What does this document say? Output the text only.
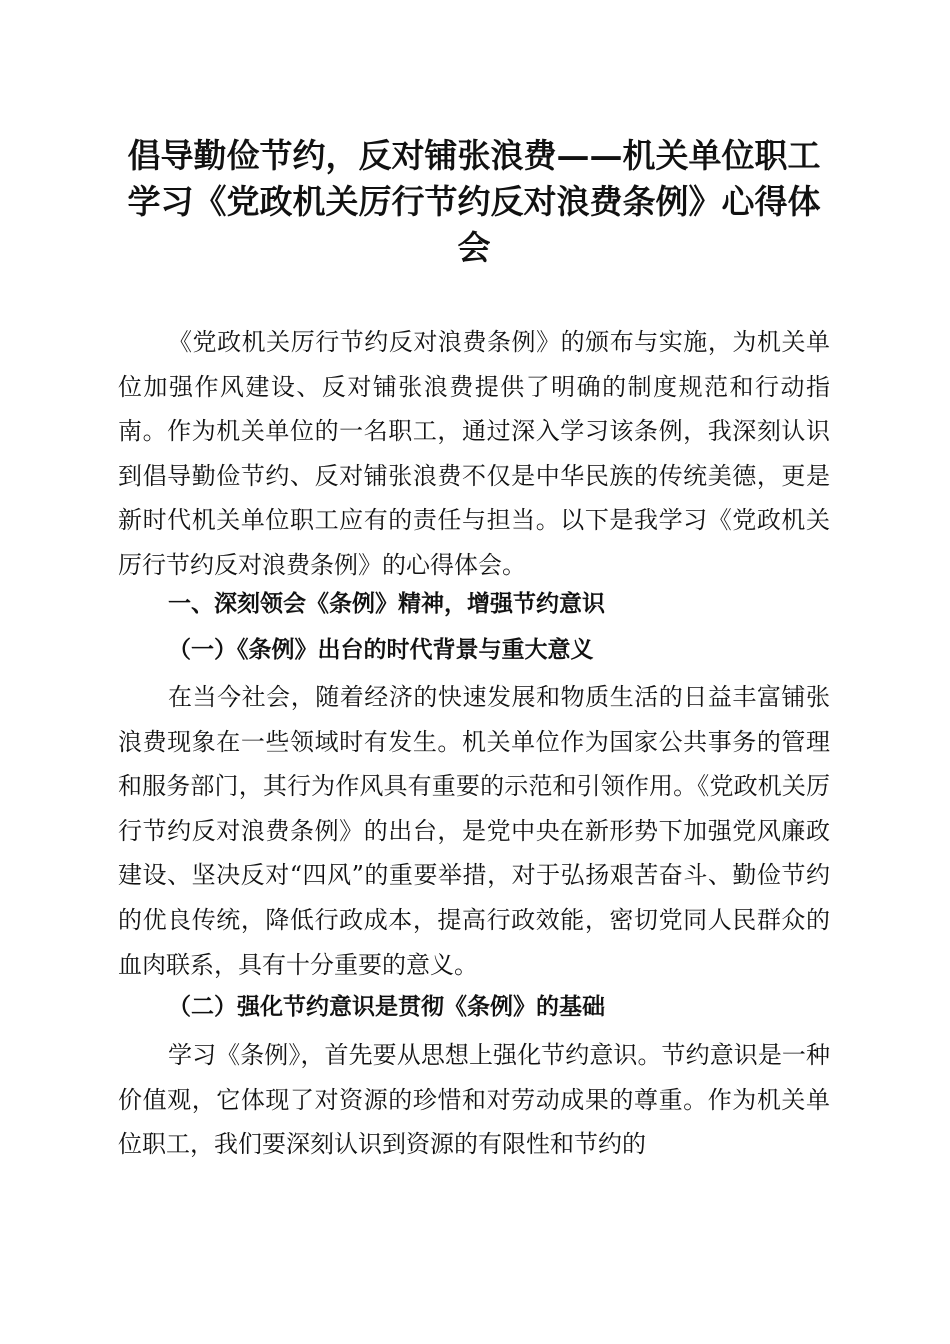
倡导勤俭节约，反对铺张浪费——机关单位职工学习《党政机关厉行节约反对浪费条例》心得体会

《党政机关厉行节约反对浪费条例》的颁布与实施，为机关单位加强作风建设、反对铺张浪费提供了明确的制度规范和行动指南。作为机关单位的一名职工，通过深入学习该条例，我深刻认识到倡导勤俭节约、反对铺张浪费不仅是中华民族的传统美德，更是新时代机关单位职工应有的责任与担当。以下是我学习《党政机关厉行节约反对浪费条例》的心得体会。

一、深刻领会《条例》精神，增强节约意识
（一）《条例》出台的时代背景与重大意义

在当今社会，随着经济的快速发展和物质生活的日益丰富铺张浪费现象在一些领域时有发生。机关单位作为国家公共事务的管理和服务部门，其行为作风具有重要的示范和引领作用。《党政机关厉行节约反对浪费条例》的出台，是党中央在新形势下加强党风廉政建设、坚决反对“四风”的重要举措，对于弘扬艰苦奋斗、勤俭节约的优良传统，降低行政成本，提高行政效能，密切党同人民群众的血肉联系，具有十分重要的意义。

（二）强化节约意识是贯彻《条例》的基础

学习《条例》，首先要从思想上强化节约意识。节约意识是一种价值观，它体现了对资源的珍惜和对劳动成果的尊重。作为机关单位职工，我们要深刻认识到资源的有限性和节约的
